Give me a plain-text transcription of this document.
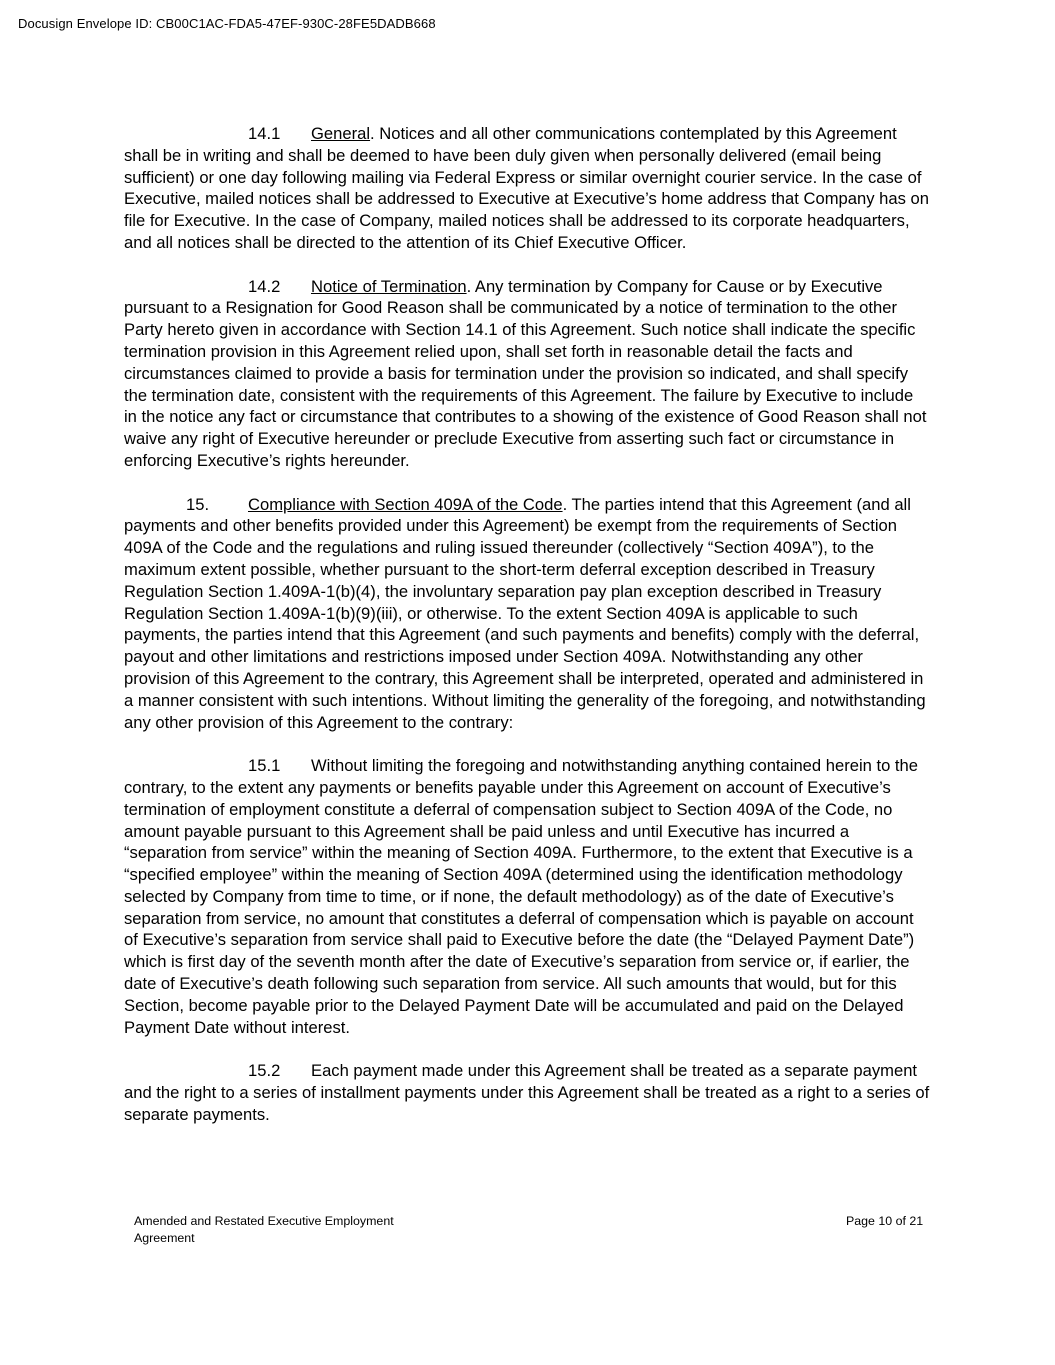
Docusign Envelope ID: CB00C1AC-FDA5-47EF-930C-28FE5DADB668

14.1 General. Notices and all other communications contemplated by this Agreement shall be in writing and shall be deemed to have been duly given when personally delivered (email being sufficient) or one day following mailing via Federal Express or similar overnight courier service. In the case of Executive, mailed notices shall be addressed to Executive at Executive’s home address that Company has on file for Executive. In the case of Company, mailed notices shall be addressed to its corporate headquarters, and all notices shall be directed to the attention of its Chief Executive Officer.

14.2 Notice of Termination. Any termination by Company for Cause or by Executive pursuant to a Resignation for Good Reason shall be communicated by a notice of termination to the other Party hereto given in accordance with Section 14.1 of this Agreement. Such notice shall indicate the specific termination provision in this Agreement relied upon, shall set forth in reasonable detail the facts and circumstances claimed to provide a basis for termination under the provision so indicated, and shall specify the termination date, consistent with the requirements of this Agreement. The failure by Executive to include in the notice any fact or circumstance that contributes to a showing of the existence of Good Reason shall not waive any right of Executive hereunder or preclude Executive from asserting such fact or circumstance in enforcing Executive’s rights hereunder.

15. Compliance with Section 409A of the Code. The parties intend that this Agreement (and all payments and other benefits provided under this Agreement) be exempt from the requirements of Section 409A of the Code and the regulations and ruling issued thereunder (collectively “Section 409A”), to the maximum extent possible, whether pursuant to the short-term deferral exception described in Treasury Regulation Section 1.409A-1(b)(4), the involuntary separation pay plan exception described in Treasury Regulation Section 1.409A-1(b)(9)(iii), or otherwise. To the extent Section 409A is applicable to such payments, the parties intend that this Agreement (and such payments and benefits) comply with the deferral, payout and other limitations and restrictions imposed under Section 409A. Notwithstanding any other provision of this Agreement to the contrary, this Agreement shall be interpreted, operated and administered in a manner consistent with such intentions. Without limiting the generality of the foregoing, and notwithstanding any other provision of this Agreement to the contrary:

15.1 Without limiting the foregoing and notwithstanding anything contained herein to the contrary, to the extent any payments or benefits payable under this Agreement on account of Executive’s termination of employment constitute a deferral of compensation subject to Section 409A of the Code, no amount payable pursuant to this Agreement shall be paid unless and until Executive has incurred a “separation from service” within the meaning of Section 409A. Furthermore, to the extent that Executive is a “specified employee” within the meaning of Section 409A (determined using the identification methodology selected by Company from time to time, or if none, the default methodology) as of the date of Executive’s separation from service, no amount that constitutes a deferral of compensation which is payable on account of Executive’s separation from service shall paid to Executive before the date (the “Delayed Payment Date”) which is first day of the seventh month after the date of Executive’s separation from service or, if earlier, the date of Executive’s death following such separation from service. All such amounts that would, but for this Section, become payable prior to the Delayed Payment Date will be accumulated and paid on the Delayed Payment Date without interest.

15.2 Each payment made under this Agreement shall be treated as a separate payment and the right to a series of installment payments under this Agreement shall be treated as a right to a series of separate payments.

Amended and Restated Executive Employment Agreement
Page 10 of 21
